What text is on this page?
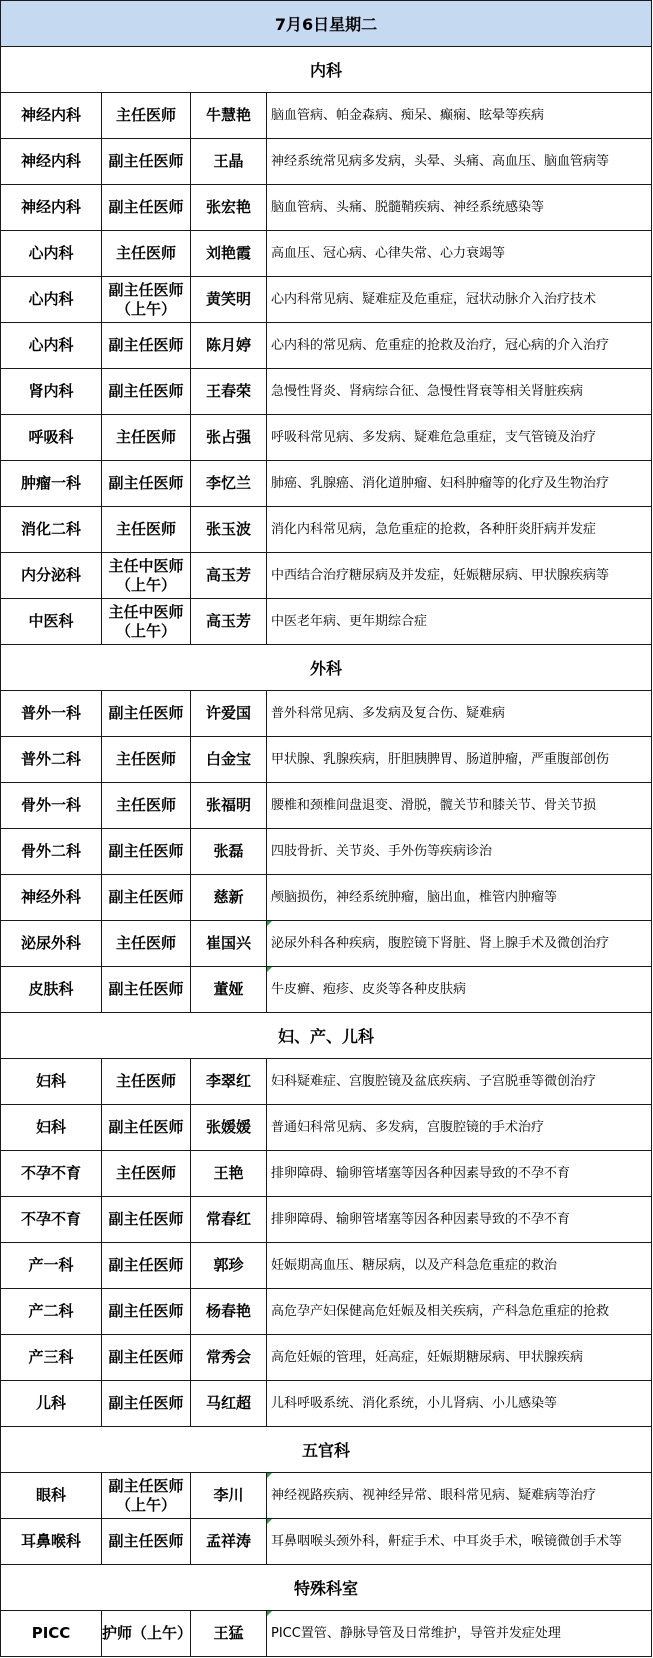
7月6日星期二			
内科			
神经内科	主任医师	牛慧艳	脑血管病、帕金森病、痴呆、癫痫、眩晕等疾病
神经内科	副主任医师	王晶	神经系统常见病多发病，头晕、头痛、高血压、脑血管病等
神经内科	副主任医师	张宏艳	脑血管病、头痛、脱髓鞘疾病、神经系统感染等
心内科	主任医师	刘艳霞	高血压、冠心病、心律失常、心力衰竭等
心内科	副主任医师（上午）	黄笑明	心内科常见病、疑难症及危重症，冠状动脉介入治疗技术
心内科	副主任医师	陈月婷	心内科的常见病、危重症的抢救及治疗，冠心病的介入治疗
肾内科	副主任医师	王春荣	急慢性肾炎、肾病综合征、急慢性肾衰等相关肾脏疾病
呼吸科	主任医师	张占强	呼吸科常见病、多发病、疑难危急重症，支气管镜及治疗
肿瘤一科	副主任医师	李忆兰	肺癌、乳腺癌、消化道肿瘤、妇科肿瘤等的化疗及生物治疗
消化二科	主任医师	张玉波	消化内科常见病，急危重症的抢救，各种肝炎肝病并发症
内分泌科	主任中医师（上午）	高玉芳	中西结合治疗糖尿病及并发症，妊娠糖尿病、甲状腺疾病等
中医科	主任中医师（上午）	高玉芳	中医老年病、更年期综合症
外科			
普外一科	副主任医师	许爱国	普外科常见病、多发病及复合伤、疑难病
普外二科	主任医师	白金宝	甲状腺、乳腺疾病，肝胆胰脾胃、肠道肿瘤，严重腹部创伤
骨外一科	主任医师	张福明	腰椎和颈椎间盘退变、滑脱，髋关节和膝关节、骨关节损
骨外二科	副主任医师	张磊	四肢骨折、关节炎、手外伤等疾病诊治
神经外科	副主任医师	慈新	颅脑损伤，神经系统肿瘤，脑出血，椎管内肿瘤等
泌尿外科	主任医师	崔国兴	泌尿外科各种疾病，腹腔镜下肾脏、肾上腺手术及微创治疗
皮肤科	副主任医师	董娅	牛皮癣、疱疹、皮炎等各种皮肤病
妇、产、儿科			
妇科	主任医师	李翠红	妇科疑难症、宫腹腔镜及盆底疾病、子宫脱垂等微创治疗
妇科	副主任医师	张媛媛	普通妇科常见病、多发病，宫腹腔镜的手术治疗
不孕不育	主任医师	王艳	排卵障碍、输卵管堵塞等因各种因素导致的不孕不育
不孕不育	副主任医师	常春红	排卵障碍、输卵管堵塞等因各种因素导致的不孕不育
产一科	副主任医师	郭珍	妊娠期高血压、糖尿病，以及产科急危重症的救治
产二科	副主任医师	杨春艳	高危孕产妇保健高危妊娠及相关疾病，产科急危重症的抢救
产三科	副主任医师	常秀会	高危妊娠的管理，妊高症，妊娠期糖尿病、甲状腺疾病
儿科	副主任医师	马红超	儿科呼吸系统、消化系统，小儿肾病、小儿感染等
五官科			
眼科	副主任医师（上午）	李川	神经视路疾病、视神经异常、眼科常见病、疑难病等治疗
耳鼻喉科	副主任医师	孟祥涛	耳鼻咽喉头颈外科，鼾症手术、中耳炎手术，喉镜微创手术等
特殊科室			
PICC	护师（上午）	王猛	PICC置管、静脉导管及日常维护，导管并发症处理
